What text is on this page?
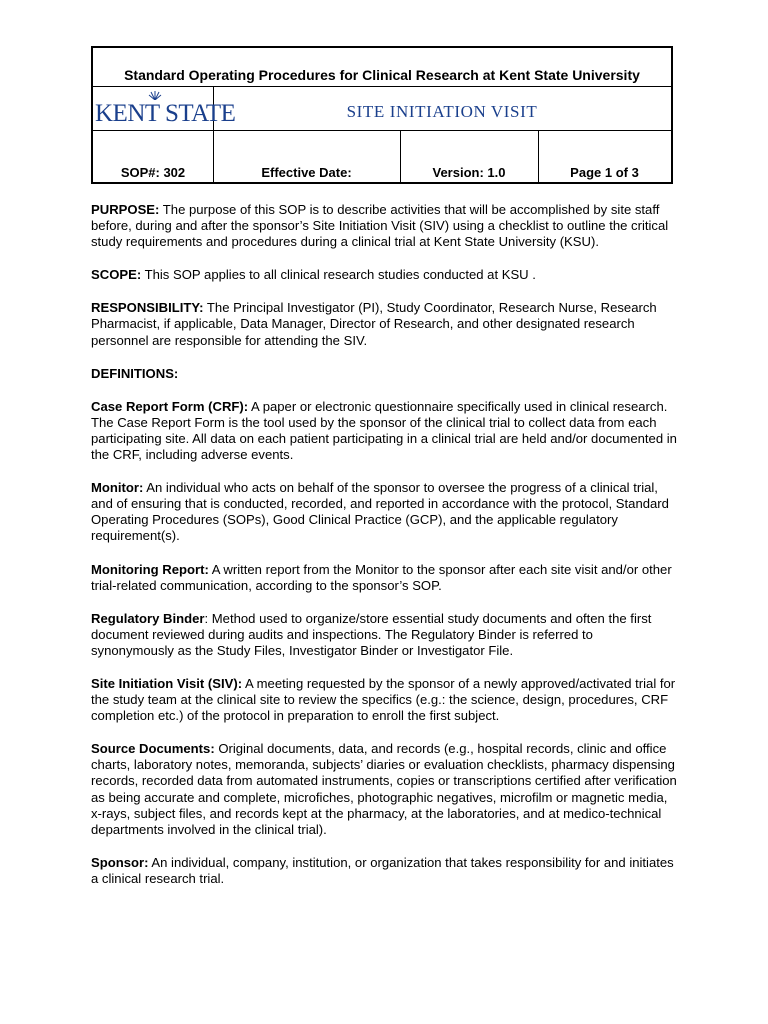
Standard Operating Procedures for Clinical Research at Kent State University
KENT STATE	SITE INITIATION VISIT
SOP#: 302	Effective Date:	Version: 1.0	Page 1 of 3

PURPOSE: The purpose of this SOP is to describe activities that will be accomplished by site staff before, during and after the sponsor’s Site Initiation Visit (SIV) using a checklist to outline the critical study requirements and procedures during a clinical trial at Kent State University (KSU).

SCOPE: This SOP applies to all clinical research studies conducted at KSU .

RESPONSIBILITY: The Principal Investigator (PI), Study Coordinator, Research Nurse, Research Pharmacist, if applicable, Data Manager, Director of Research, and other designated research personnel are responsible for attending the SIV.

DEFINITIONS:

Case Report Form (CRF): A paper or electronic questionnaire specifically used in clinical research. The Case Report Form is the tool used by the sponsor of the clinical trial to collect data from each participating site. All data on each patient participating in a clinical trial are held and/or documented in the CRF, including adverse events.

Monitor: An individual who acts on behalf of the sponsor to oversee the progress of a clinical trial, and of ensuring that is conducted, recorded, and reported in accordance with the protocol, Standard Operating Procedures (SOPs), Good Clinical Practice (GCP), and the applicable regulatory requirement(s).

Monitoring Report: A written report from the Monitor to the sponsor after each site visit and/or other trial-related communication, according to the sponsor’s SOP.

Regulatory Binder: Method used to organize/store essential study documents and often the first document reviewed during audits and inspections. The Regulatory Binder is referred to synonymously as the Study Files, Investigator Binder or Investigator File.

Site Initiation Visit (SIV): A meeting requested by the sponsor of a newly approved/activated trial for the study team at the clinical site to review the specifics (e.g.: the science, design, procedures, CRF completion etc.) of the protocol in preparation to enroll the first subject.

Source Documents: Original documents, data, and records (e.g., hospital records, clinic and office charts, laboratory notes, memoranda, subjects’ diaries or evaluation checklists, pharmacy dispensing records, recorded data from automated instruments, copies or transcriptions certified after verification as being accurate and complete, microfiches, photographic negatives, microfilm or magnetic media, x-rays, subject files, and records kept at the pharmacy, at the laboratories, and at medico-technical departments involved in the clinical trial).

Sponsor: An individual, company, institution, or organization that takes responsibility for and initiates a clinical research trial.
